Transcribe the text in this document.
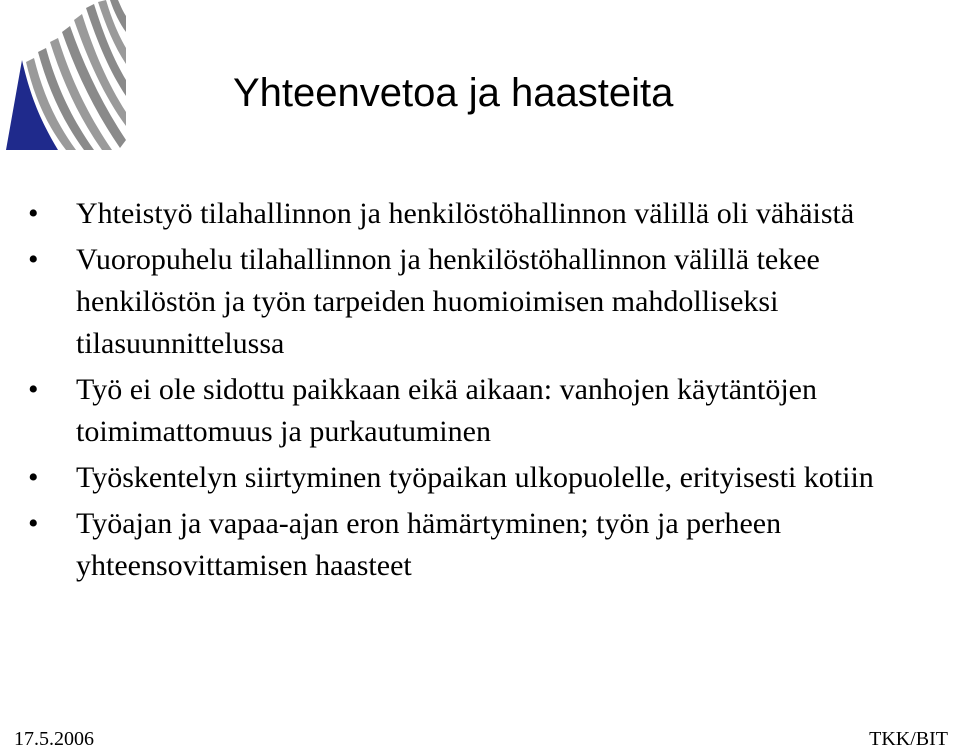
Yhteenvetoa ja haasteita
•	Yhteistyö tilahallinnon ja henkilöstöhallinnon välillä oli vähäistä
•	Vuoropuhelu tilahallinnon ja henkilöstöhallinnon välillä tekee henkilöstön ja työn tarpeiden huomioimisen mahdolliseksi tilasuunnittelussa
•	Työ ei ole sidottu paikkaan eikä aikaan: vanhojen käytäntöjen toimimattomuus ja purkautuminen
•	Työskentelyn siirtyminen työpaikan ulkopuolelle, erityisesti kotiin
•	Työajan ja vapaa-ajan eron hämärtyminen; työn ja perheen yhteensovittamisen haasteet
17.5.2006	TKK/BIT
